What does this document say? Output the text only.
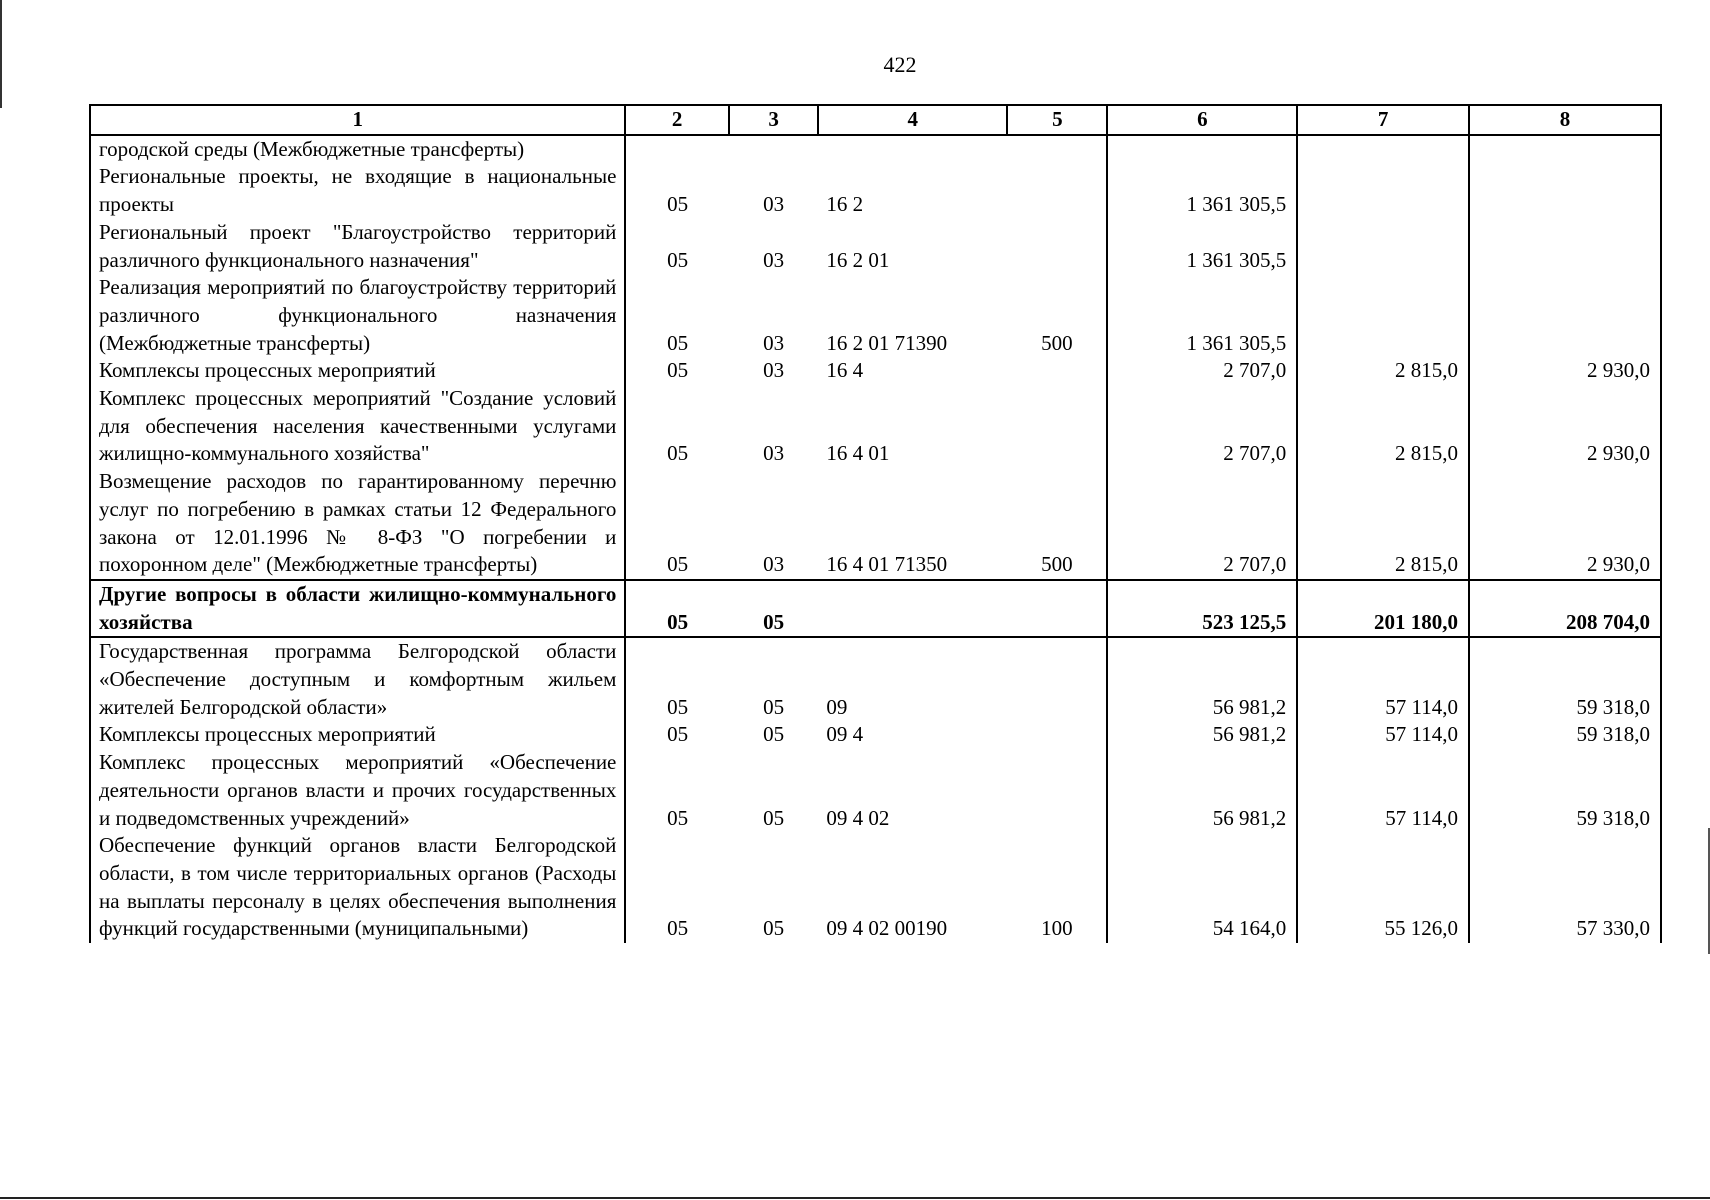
422
1	2	3	4	5	6	7	8
городской среды (Межбюджетные трансферты)							
Региональные проекты, не входящие в национальные проекты	05	03	16 2		1 361 305,5		
Региональный проект "Благоустройство территорий различного функционального назначения"	05	03	16 2 01		1 361 305,5		
Реализация мероприятий по благоустройству территорий различного функционального назначения (Межбюджетные трансферты)	05	03	16 2 01 71390	500	1 361 305,5		
Комплексы процессных мероприятий	05	03	16 4		2 707,0	2 815,0	2 930,0
Комплекс процессных мероприятий "Создание условий для обеспечения населения качественными услугами жилищно-коммунального хозяйства"	05	03	16 4 01		2 707,0	2 815,0	2 930,0
Возмещение расходов по гарантированному перечню услуг по погребению в рамках статьи 12 Федерального закона от 12.01.1996 № 8-ФЗ "О погребении и похоронном деле" (Межбюджетные трансферты)	05	03	16 4 01 71350	500	2 707,0	2 815,0	2 930,0
Другие вопросы в области жилищно-коммунального хозяйства	05	05			523 125,5	201 180,0	208 704,0
Государственная программа Белгородской области «Обеспечение доступным и комфортным жильем жителей Белгородской области»	05	05	09		56 981,2	57 114,0	59 318,0
Комплексы процессных мероприятий	05	05	09 4		56 981,2	57 114,0	59 318,0
Комплекс процессных мероприятий «Обеспечение деятельности органов власти и прочих государственных и подведомственных учреждений»	05	05	09 4 02		56 981,2	57 114,0	59 318,0
Обеспечение функций органов власти Белгородской области, в том числе территориальных органов (Расходы на выплаты персоналу в целях обеспечения выполнения функций государственными (муниципальными)	05	05	09 4 02 00190	100	54 164,0	55 126,0	57 330,0
